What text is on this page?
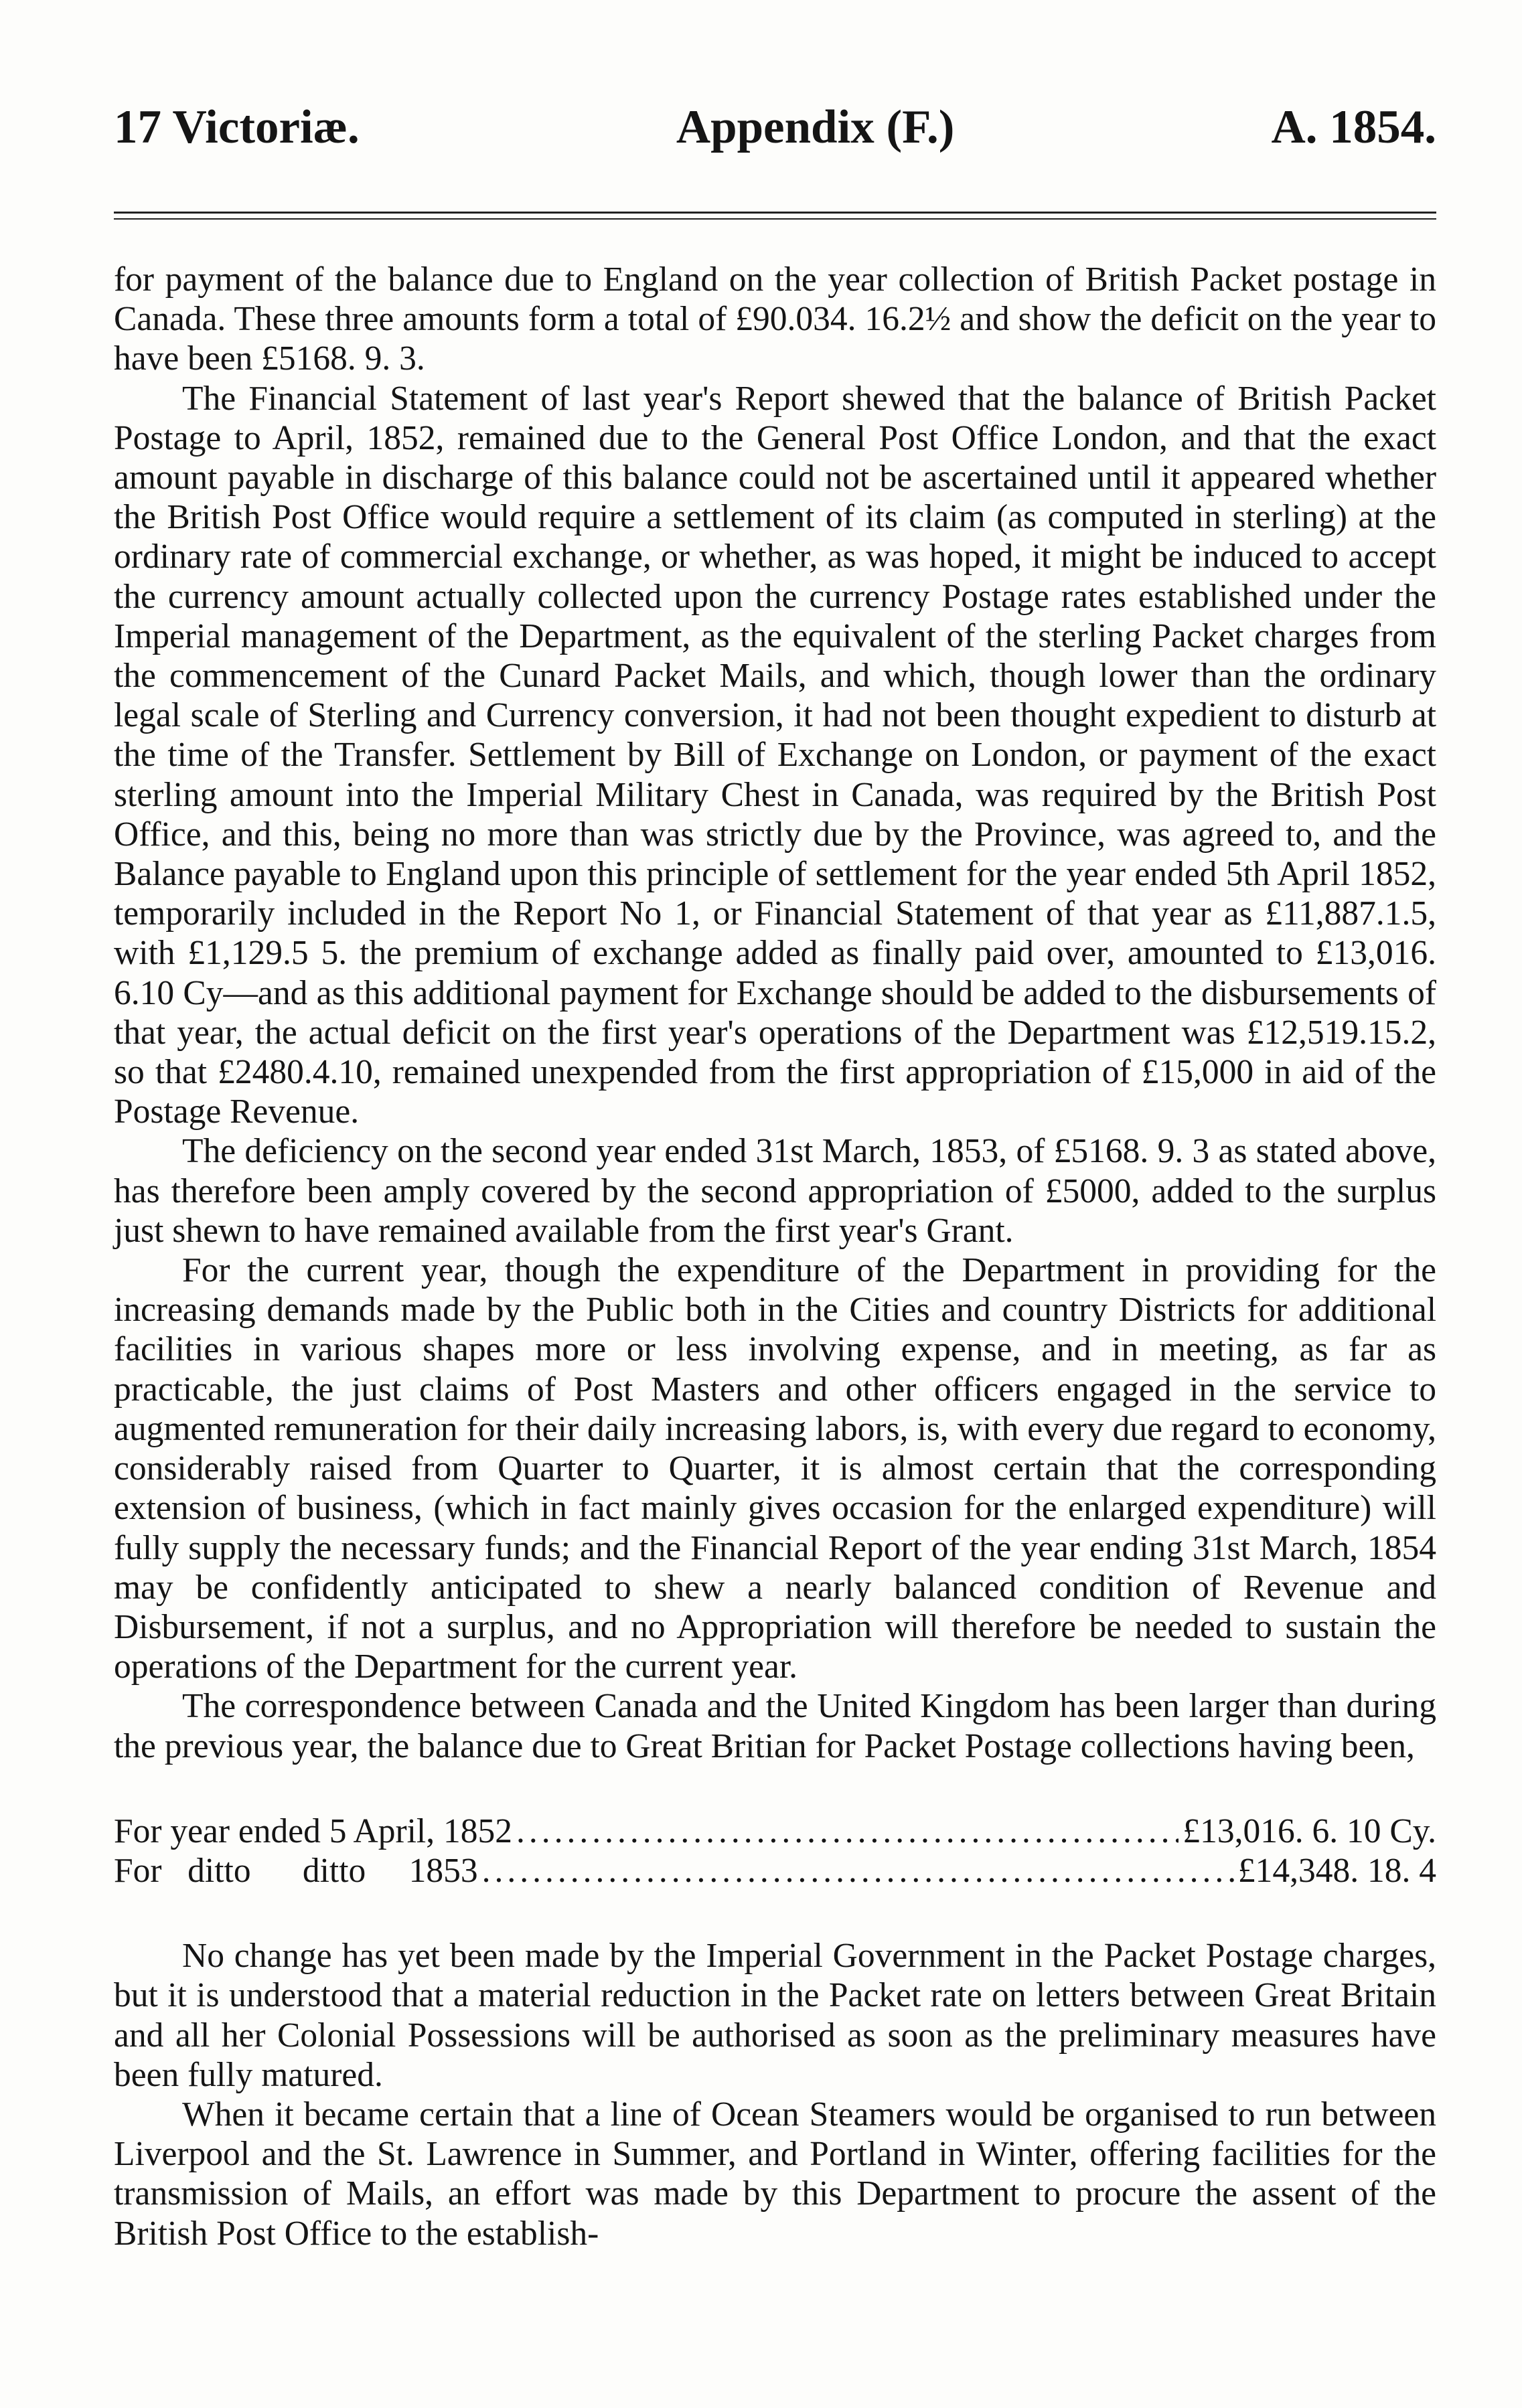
17 Victoriæ.	Appendix (F.)	A. 1854.

for payment of the balance due to England on the year collection of British Packet postage in Canada. These three amounts form a total of £90.034. 16.2½ and show the deficit on the year to have been £5168. 9. 3.

The Financial Statement of last year's Report shewed that the balance of British Packet Postage to April, 1852, remained due to the General Post Office London, and that the exact amount payable in discharge of this balance could not be ascertained until it appeared whether the British Post Office would require a settlement of its claim (as computed in sterling) at the ordinary rate of commercial exchange, or whether, as was hoped, it might be induced to accept the currency amount actually collected upon the currency Postage rates established under the Imperial management of the Department, as the equivalent of the sterling Packet charges from the commencement of the Cunard Packet Mails, and which, though lower than the ordinary legal scale of Sterling and Currency conversion, it had not been thought expedient to disturb at the time of the Transfer. Settlement by Bill of Exchange on London, or payment of the exact sterling amount into the Imperial Military Chest in Canada, was required by the British Post Office, and this, being no more than was strictly due by the Province, was agreed to, and the Balance payable to England upon this principle of settlement for the year ended 5th April 1852, temporarily included in the Report No 1, or Financial Statement of that year as £11,887.1.5, with £1,129.5 5. the premium of exchange added as finally paid over, amounted to £13,016. 6.10 Cy—and as this additional payment for Exchange should be added to the disbursements of that year, the actual deficit on the first year's operations of the Department was £12,519.15.2, so that £2480.4.10, remained unexpended from the first appropriation of £15,000 in aid of the Postage Revenue.

The deficiency on the second year ended 31st March, 1853, of £5168. 9. 3 as stated above, has therefore been amply covered by the second appropriation of £5000, added to the surplus just shewn to have remained available from the first year's Grant.

For the current year, though the expenditure of the Department in providing for the increasing demands made by the Public both in the Cities and country Districts for additional facilities in various shapes more or less involving expense, and in meeting, as far as practicable, the just claims of Post Masters and other officers engaged in the service to augmented remuneration for their daily increasing labors, is, with every due regard to economy, considerably raised from Quarter to Quarter, it is almost certain that the corresponding extension of business, (which in fact mainly gives occasion for the enlarged expenditure) will fully supply the necessary funds; and the Financial Report of the year ending 31st March, 1854 may be confidently anticipated to shew a nearly balanced condition of Revenue and Disbursement, if not a surplus, and no Appropriation will therefore be needed to sustain the operations of the Department for the current year.

The correspondence between Canada and the United Kingdom has been larger than during the previous year, the balance due to Great Britian for Packet Postage collections having been,

For year ended 5 April, 1852 .....	£13,016. 6. 10 Cy.
For   ditto      ditto     1853 .....	£14,348. 18. 4

No change has yet been made by the Imperial Government in the Packet Postage charges, but it is understood that a material reduction in the Packet rate on letters between Great Britain and all her Colonial Possessions will be authorised as soon as the preliminary measures have been fully matured.

When it became certain that a line of Ocean Steamers would be organised to run between Liverpool and the St. Lawrence in Summer, and Portland in Winter, offering facilities for the transmission of Mails, an effort was made by this Department to procure the assent of the British Post Office to the establish-
